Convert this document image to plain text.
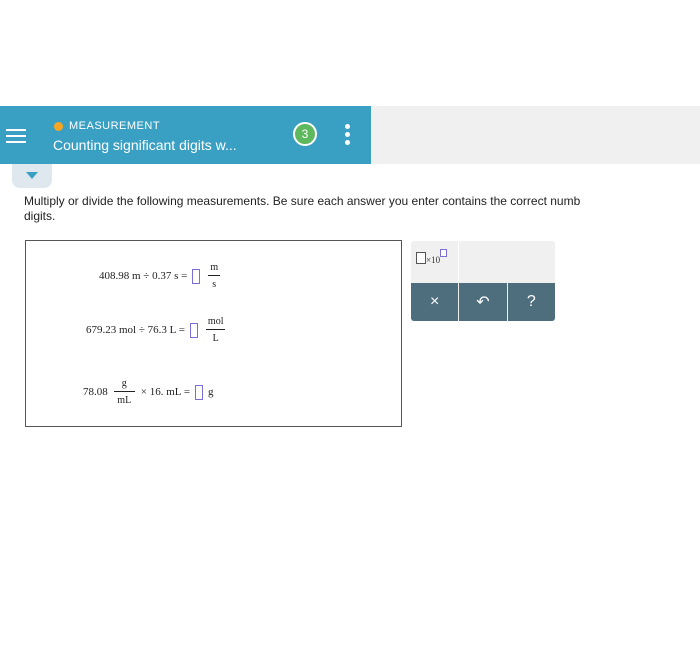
MEASUREMENT
Counting significant digits w...
3
Multiply or divide the following measurements. Be sure each answer you enter contains the correct numb
digits.
408.98 m ÷ 0.37 $s = \frac{m}{s}$
679.23 mol ÷ 76.3 $L = \frac{\text{mol}}{L}$
$78.08 \frac{g}{mL} \times 16$. mL = g
×10
× ↶ ?
